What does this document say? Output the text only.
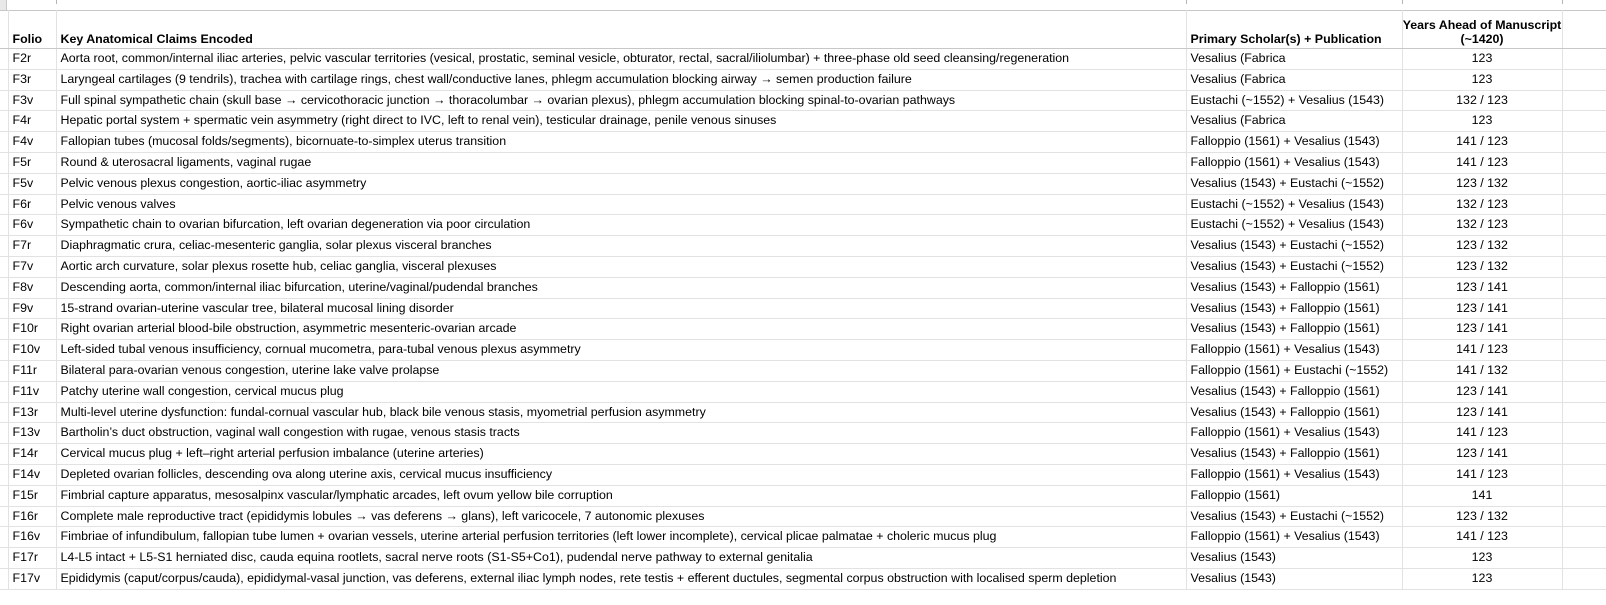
	Folio	Key Anatomical Claims Encoded	Primary Scholar(s) + Publication	Years Ahead of Manuscript (~1420)	
	F2r	Aorta root, common/internal iliac arteries, pelvic vascular territories (vesical, prostatic, seminal vesicle, obturator, rectal, sacral/iliolumbar) + three-phase old seed cleansing/regeneration	Vesalius (Fabrica	123	
	F3r	Laryngeal cartilages (9 tendrils), trachea with cartilage rings, chest wall/conductive lanes, phlegm accumulation blocking airway → semen production failure	Vesalius (Fabrica	123	
	F3v	Full spinal sympathetic chain (skull base → cervicothoracic junction → thoracolumbar → ovarian plexus), phlegm accumulation blocking spinal-to-ovarian pathways	Eustachi (~1552) + Vesalius (1543)	132 / 123	
	F4r	Hepatic portal system + spermatic vein asymmetry (right direct to IVC, left to renal vein), testicular drainage, penile venous sinuses	Vesalius (Fabrica	123	
	F4v	Fallopian tubes (mucosal folds/segments), bicornuate-to-simplex uterus transition	Falloppio (1561) + Vesalius (1543)	141 / 123	
	F5r	Round & uterosacral ligaments, vaginal rugae	Falloppio (1561) + Vesalius (1543)	141 / 123	
	F5v	Pelvic venous plexus congestion, aortic-iliac asymmetry	Vesalius (1543) + Eustachi (~1552)	123 / 132	
	F6r	Pelvic venous valves	Eustachi (~1552) + Vesalius (1543)	132 / 123	
	F6v	Sympathetic chain to ovarian bifurcation, left ovarian degeneration via poor circulation	Eustachi (~1552) + Vesalius (1543)	132 / 123	
	F7r	Diaphragmatic crura, celiac-mesenteric ganglia, solar plexus visceral branches	Vesalius (1543) + Eustachi (~1552)	123 / 132	
	F7v	Aortic arch curvature, solar plexus rosette hub, celiac ganglia, visceral plexuses	Vesalius (1543) + Eustachi (~1552)	123 / 132	
	F8v	Descending aorta, common/internal iliac bifurcation, uterine/vaginal/pudendal branches	Vesalius (1543) + Falloppio (1561)	123 / 141	
	F9v	15-strand ovarian-uterine vascular tree, bilateral mucosal lining disorder	Vesalius (1543) + Falloppio (1561)	123 / 141	
	F10r	Right ovarian arterial blood-bile obstruction, asymmetric mesenteric-ovarian arcade	Vesalius (1543) + Falloppio (1561)	123 / 141	
	F10v	Left-sided tubal venous insufficiency, cornual mucometra, para-tubal venous plexus asymmetry	Falloppio (1561) + Vesalius (1543)	141 / 123	
	F11r	Bilateral para-ovarian venous congestion, uterine lake valve prolapse	Falloppio (1561) + Eustachi (~1552)	141 / 132	
	F11v	Patchy uterine wall congestion, cervical mucus plug	Vesalius (1543) + Falloppio (1561)	123 / 141	
	F13r	Multi-level uterine dysfunction: fundal-cornual vascular hub, black bile venous stasis, myometrial perfusion asymmetry	Vesalius (1543) + Falloppio (1561)	123 / 141	
	F13v	Bartholin’s duct obstruction, vaginal wall congestion with rugae, venous stasis tracts	Falloppio (1561) + Vesalius (1543)	141 / 123	
	F14r	Cervical mucus plug + left–right arterial perfusion imbalance (uterine arteries)	Vesalius (1543) + Falloppio (1561)	123 / 141	
	F14v	Depleted ovarian follicles, descending ova along uterine axis, cervical mucus insufficiency	Falloppio (1561) + Vesalius (1543)	141 / 123	
	F15r	Fimbrial capture apparatus, mesosalpinx vascular/lymphatic arcades, left ovum yellow bile corruption	Falloppio (1561)	141	
	F16r	Complete male reproductive tract (epididymis lobules → vas deferens → glans), left varicocele, 7 autonomic plexuses	Vesalius (1543) + Eustachi (~1552)	123 / 132	
	F16v	Fimbriae of infundibulum, fallopian tube lumen + ovarian vessels, uterine arterial perfusion territories (left lower incomplete), cervical plicae palmatae + choleric mucus plug	Falloppio (1561) + Vesalius (1543)	141 / 123	
	F17r	L4-L5 intact + L5-S1 herniated disc, cauda equina rootlets, sacral nerve roots (S1-S5+Co1), pudendal nerve pathway to external genitalia	Vesalius (1543)	123	
	F17v	Epididymis (caput/corpus/cauda), epididymal-vasal junction, vas deferens, external iliac lymph nodes, rete testis + efferent ductules, segmental corpus obstruction with localised sperm depletion	Vesalius (1543)	123	
